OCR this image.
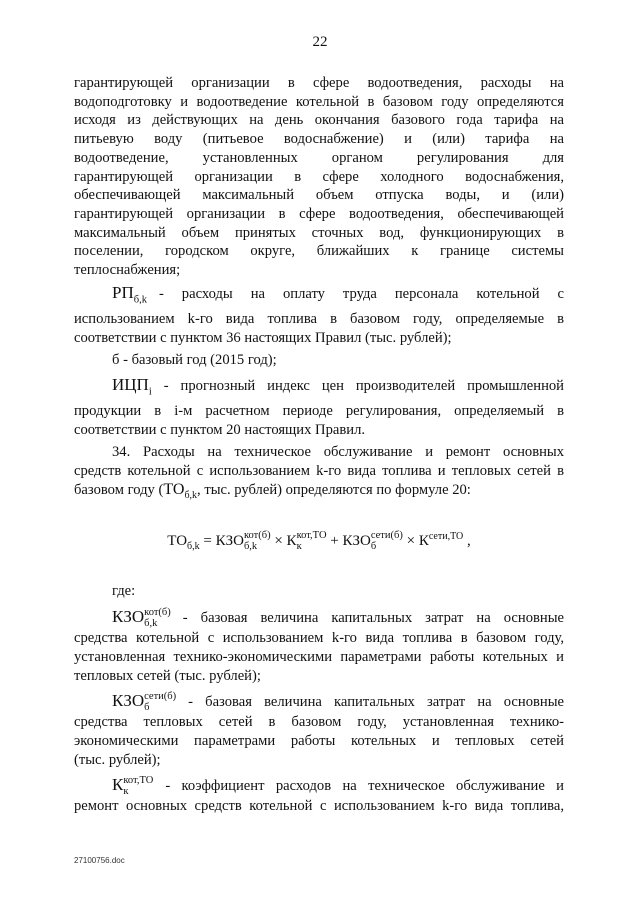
22

гарантирующей организации в сфере водоотведения, расходы на

водоподготовку и водоотведение котельной в базовом году определяются

исходя из действующих на день окончания базового года тарифа на

питьевую воду (питьевое водоснабжение) и (или) тарифа на

водоотведение, установленных органом регулирования для

гарантирующей организации в сфере холодного водоснабжения,

обеспечивающей максимальный объем отпуска воды, и (или)

гарантирующей организации в сфере водоотведения, обеспечивающей

максимальный объем принятых сточных вод, функционирующих в

поселении, городском округе, ближайших к границе системы

теплоснабжения;

$РП_{б,k}$ - расходы на оплату труда персонала котельной с

использованием k-го вида топлива в базовом году, определяемые в

соответствии с пунктом 36 настоящих Правил (тыс. рублей);

б - базовый год (2015 год);

$ИЦП_i$ - прогнозный индекс цен производителей промышленной

продукции в i-м расчетном периоде регулирования, определяемый в

соответствии с пунктом 20 настоящих Правил.

34. Расходы на техническое обслуживание и ремонт основных

средств котельной с использованием k-го вида топлива и тепловых сетей в

базовом году ($ТО_{б,k}$, тыс. рублей) определяются по формуле 20:

$ТО_{б,k}$ = КЗО кот(б)
б,k × К кот,ТО
к	+ КЗО сети(б)
б	× $К^{сети,ТО}$ ,

где:

КЗО кот(б)
б,k	- базовая величина капитальных затрат на основные

средства котельной с использованием k-го вида топлива в базовом году,

установленная технико-экономическими параметрами работы котельных и

тепловых сетей (тыс. рублей);

КЗО сети(б)
б	- базовая величина капитальных затрат на основные

средства тепловых сетей в базовом году, установленная технико-

экономическими параметрами работы котельных и тепловых сетей

(тыс. рублей);

К кот,ТО
к	- коэффициент расходов на техническое обслуживание и

ремонт основных средств котельной с использованием k-го вида топлива,

27100756.doc
